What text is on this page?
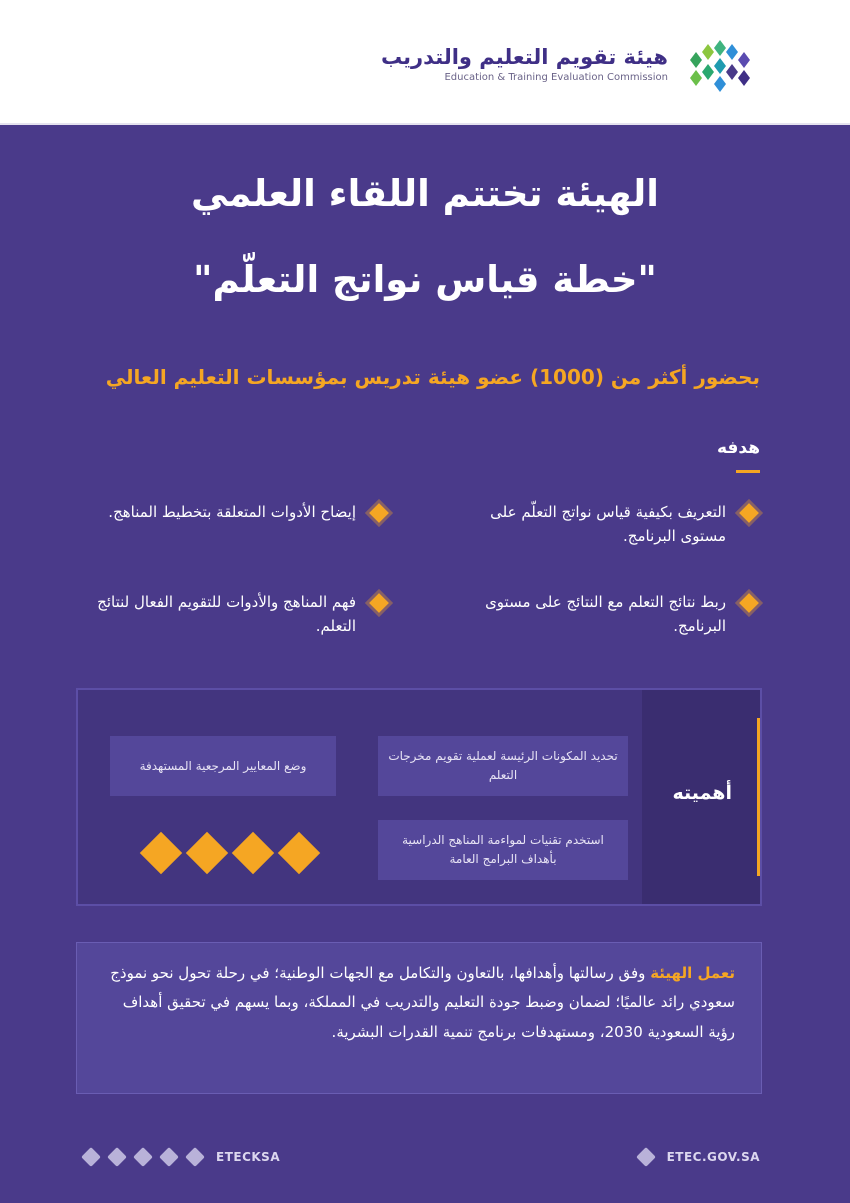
هيئة تقويم التعليم والتدريب
Education & Training Evaluation Commission
الهيئة تختتم اللقاء العلمي
"خطة قياس نواتج التعلّم"
بحضور أكثر من (1000) عضو هيئة تدريس بمؤسسات التعليم العالي
هدفه
التعريف بكيفية قياس نواتج التعلّم على مستوى البرنامج.
إيضاح الأدوات المتعلقة بتخطيط المناهج.
ربط نتائج التعلم مع النتائج على مستوى البرنامج.
فهم المناهج والأدوات للتقويم الفعال لنتائج التعلم.
أهميته
تحديد المكونات الرئيسة لعملية تقويم مخرجات التعلم
وضع المعايير المرجعية المستهدفة
استخدم تقنيات لمواءمة المناهج الدراسية بأهداف البرامج العامة
تعمل الهيئة وفق رسالتها وأهدافها، بالتعاون والتكامل مع الجهات الوطنية؛ في رحلة تحول نحو نموذج سعودي رائد عالميًا؛ لضمان وضبط جودة التعليم والتدريب في المملكة، وبما يسهم في تحقيق أهداف رؤية السعودية 2030، ومستهدفات برنامج تنمية القدرات البشرية.
ETECKSA	ETEC.GOV.SA
